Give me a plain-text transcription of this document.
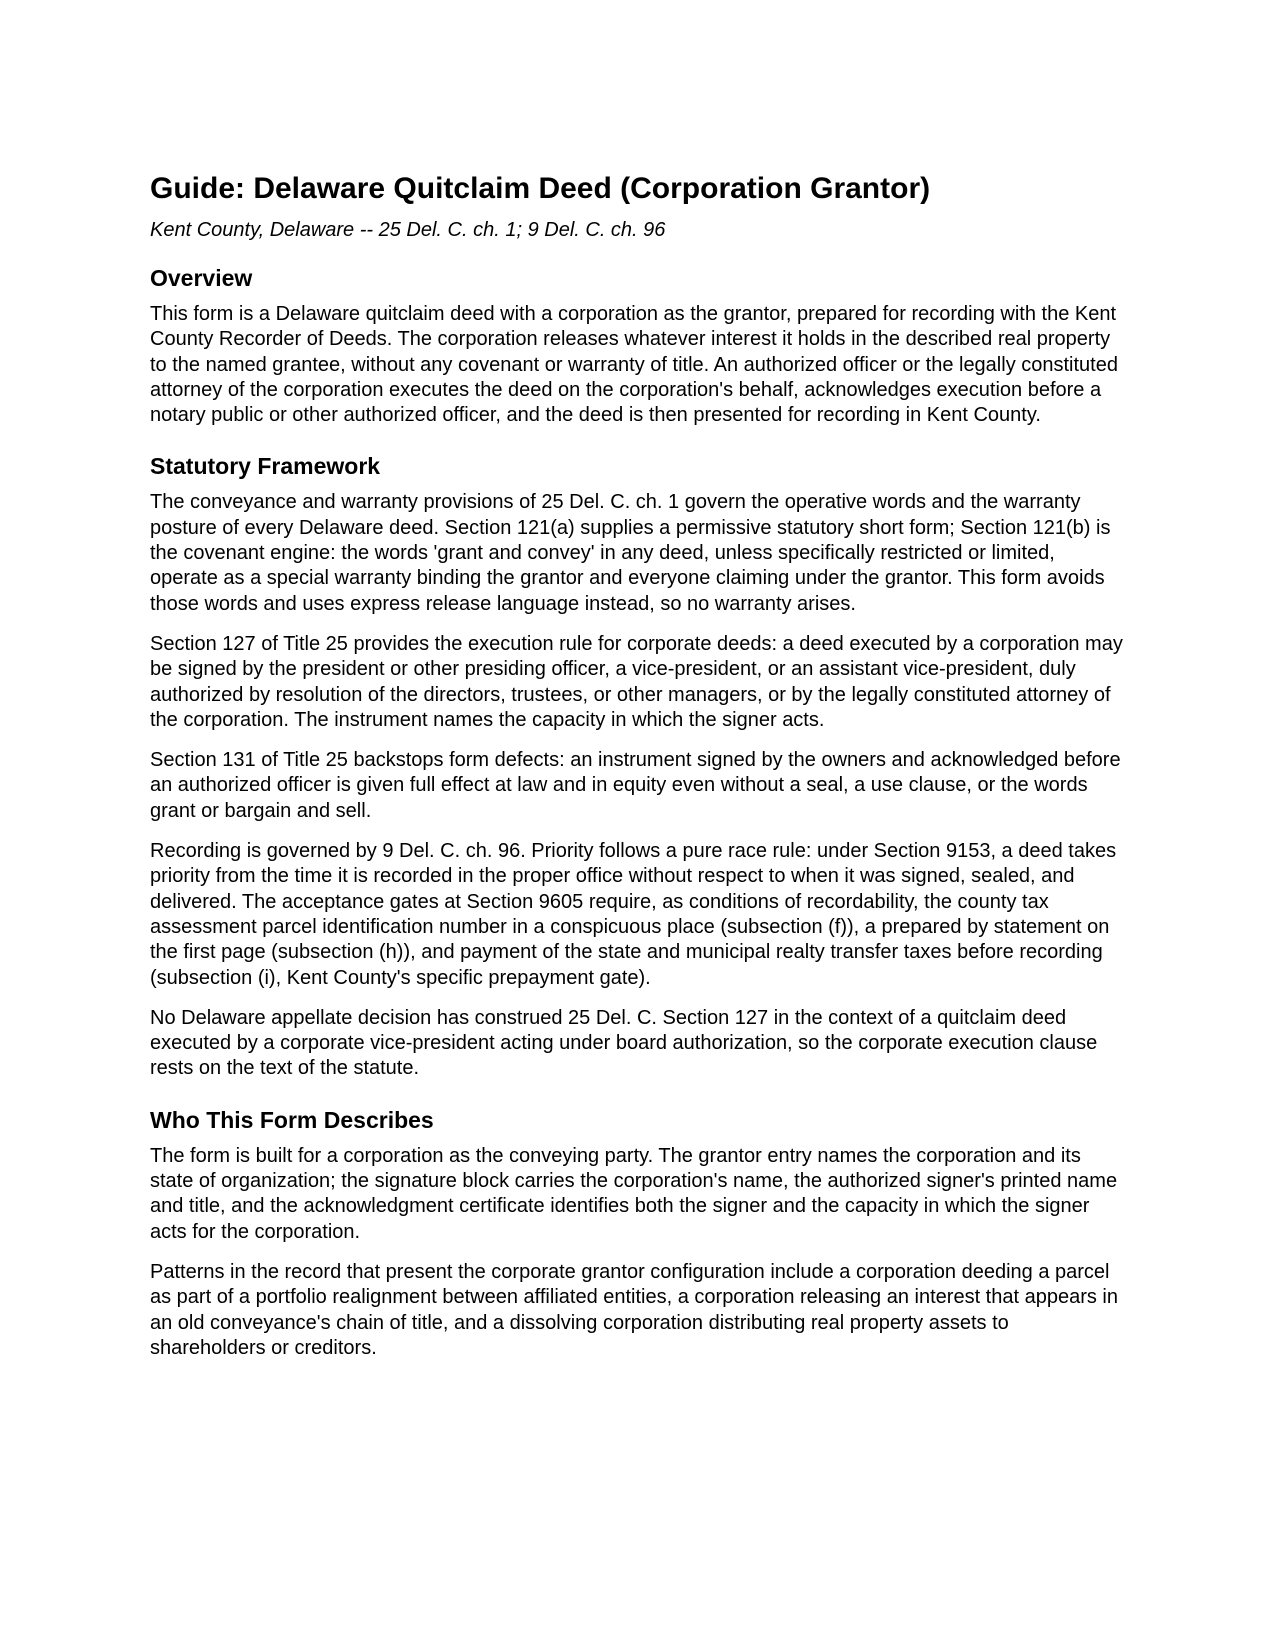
Guide: Delaware Quitclaim Deed (Corporation Grantor)

Kent County, Delaware -- 25 Del. C. ch. 1; 9 Del. C. ch. 96

Overview

This form is a Delaware quitclaim deed with a corporation as the grantor, prepared for recording with the Kent County Recorder of Deeds. The corporation releases whatever interest it holds in the described real property to the named grantee, without any covenant or warranty of title. An authorized officer or the legally constituted attorney of the corporation executes the deed on the corporation's behalf, acknowledges execution before a notary public or other authorized officer, and the deed is then presented for recording in Kent County.

Statutory Framework

The conveyance and warranty provisions of 25 Del. C. ch. 1 govern the operative words and the warranty posture of every Delaware deed. Section 121(a) supplies a permissive statutory short form; Section 121(b) is the covenant engine: the words 'grant and convey' in any deed, unless specifically restricted or limited, operate as a special warranty binding the grantor and everyone claiming under the grantor. This form avoids those words and uses express release language instead, so no warranty arises.

Section 127 of Title 25 provides the execution rule for corporate deeds: a deed executed by a corporation may be signed by the president or other presiding officer, a vice-president, or an assistant vice-president, duly authorized by resolution of the directors, trustees, or other managers, or by the legally constituted attorney of the corporation. The instrument names the capacity in which the signer acts.

Section 131 of Title 25 backstops form defects: an instrument signed by the owners and acknowledged before an authorized officer is given full effect at law and in equity even without a seal, a use clause, or the words grant or bargain and sell.

Recording is governed by 9 Del. C. ch. 96. Priority follows a pure race rule: under Section 9153, a deed takes priority from the time it is recorded in the proper office without respect to when it was signed, sealed, and delivered. The acceptance gates at Section 9605 require, as conditions of recordability, the county tax assessment parcel identification number in a conspicuous place (subsection (f)), a prepared by statement on the first page (subsection (h)), and payment of the state and municipal realty transfer taxes before recording (subsection (i), Kent County's specific prepayment gate).

No Delaware appellate decision has construed 25 Del. C. Section 127 in the context of a quitclaim deed executed by a corporate vice-president acting under board authorization, so the corporate execution clause rests on the text of the statute.

Who This Form Describes

The form is built for a corporation as the conveying party. The grantor entry names the corporation and its state of organization; the signature block carries the corporation's name, the authorized signer's printed name and title, and the acknowledgment certificate identifies both the signer and the capacity in which the signer acts for the corporation.

Patterns in the record that present the corporate grantor configuration include a corporation deeding a parcel as part of a portfolio realignment between affiliated entities, a corporation releasing an interest that appears in an old conveyance's chain of title, and a dissolving corporation distributing real property assets to shareholders or creditors.
